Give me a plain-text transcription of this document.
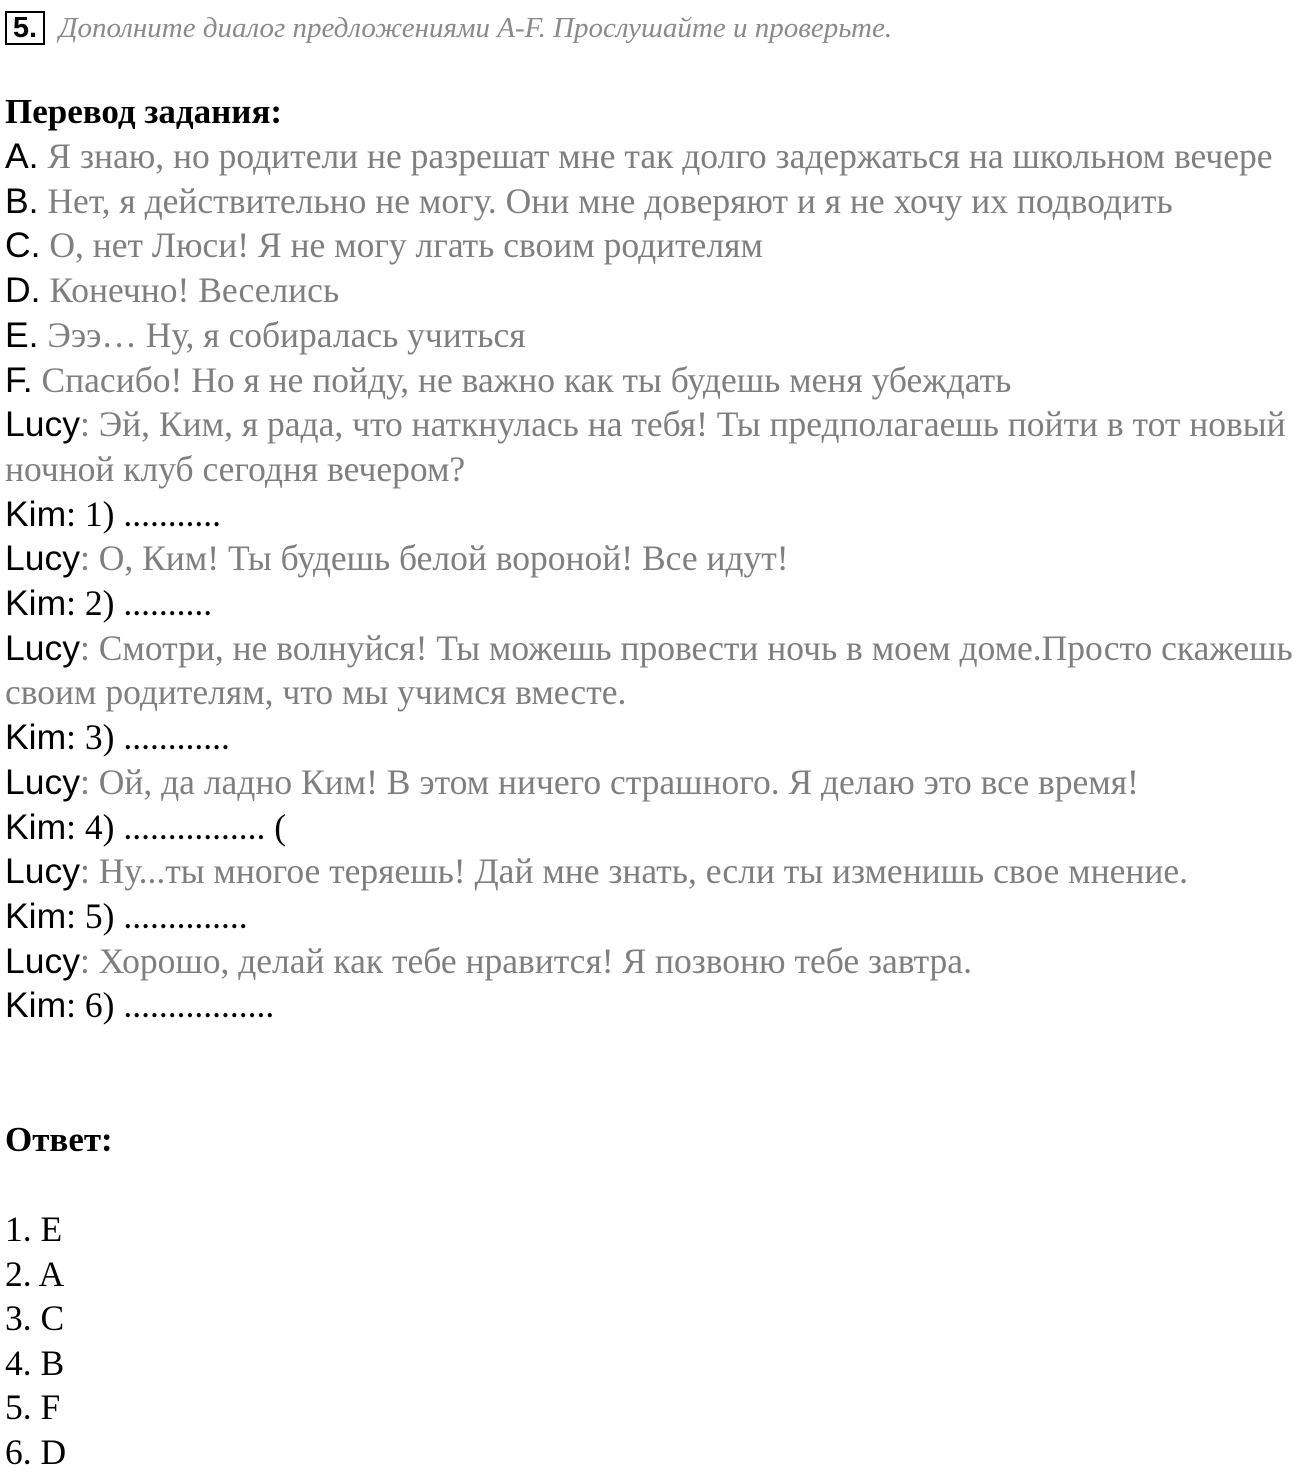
5. Дополните диалог предложениями A-F. Прослушайте и проверьте.
Перевод задания:
A. Я знаю, но родители не разрешат мне так долго задержаться на школьном вечере
B. Нет, я действительно не могу. Они мне доверяют и я не хочу их подводить
C. О, нет Люси! Я не могу лгать своим родителям
D. Конечно! Веселись
E. Эээ… Ну, я собиралась учиться
F. Спасибо! Но я не пойду, не важно как ты будешь меня убеждать
Lucy: Эй, Ким, я рада, что наткнулась на тебя! Ты предполагаешь пойти в тот новый ночной клуб сегодня вечером?
Kim: 1) ...........
Lucy: О, Ким! Ты будешь белой вороной! Все идут!
Kim: 2) ..........
Lucy: Смотри, не волнуйся! Ты можешь провести ночь в моем доме.Просто скажешь своим родителям, что мы учимся вместе.
Kim: 3) ............
Lucy: Ой, да ладно Ким! В этом ничего страшного. Я делаю это все время!
Kim: 4) ................ (
Lucy: Ну...ты многое теряешь! Дай мне знать, если ты изменишь свое мнение.
Kim: 5) ..............
Lucy: Хорошо, делай как тебе нравится! Я позвоню тебе завтра.
Kim: 6) .................
Ответ:
1. E
2. A
3. C
4. B
5. F
6. D
